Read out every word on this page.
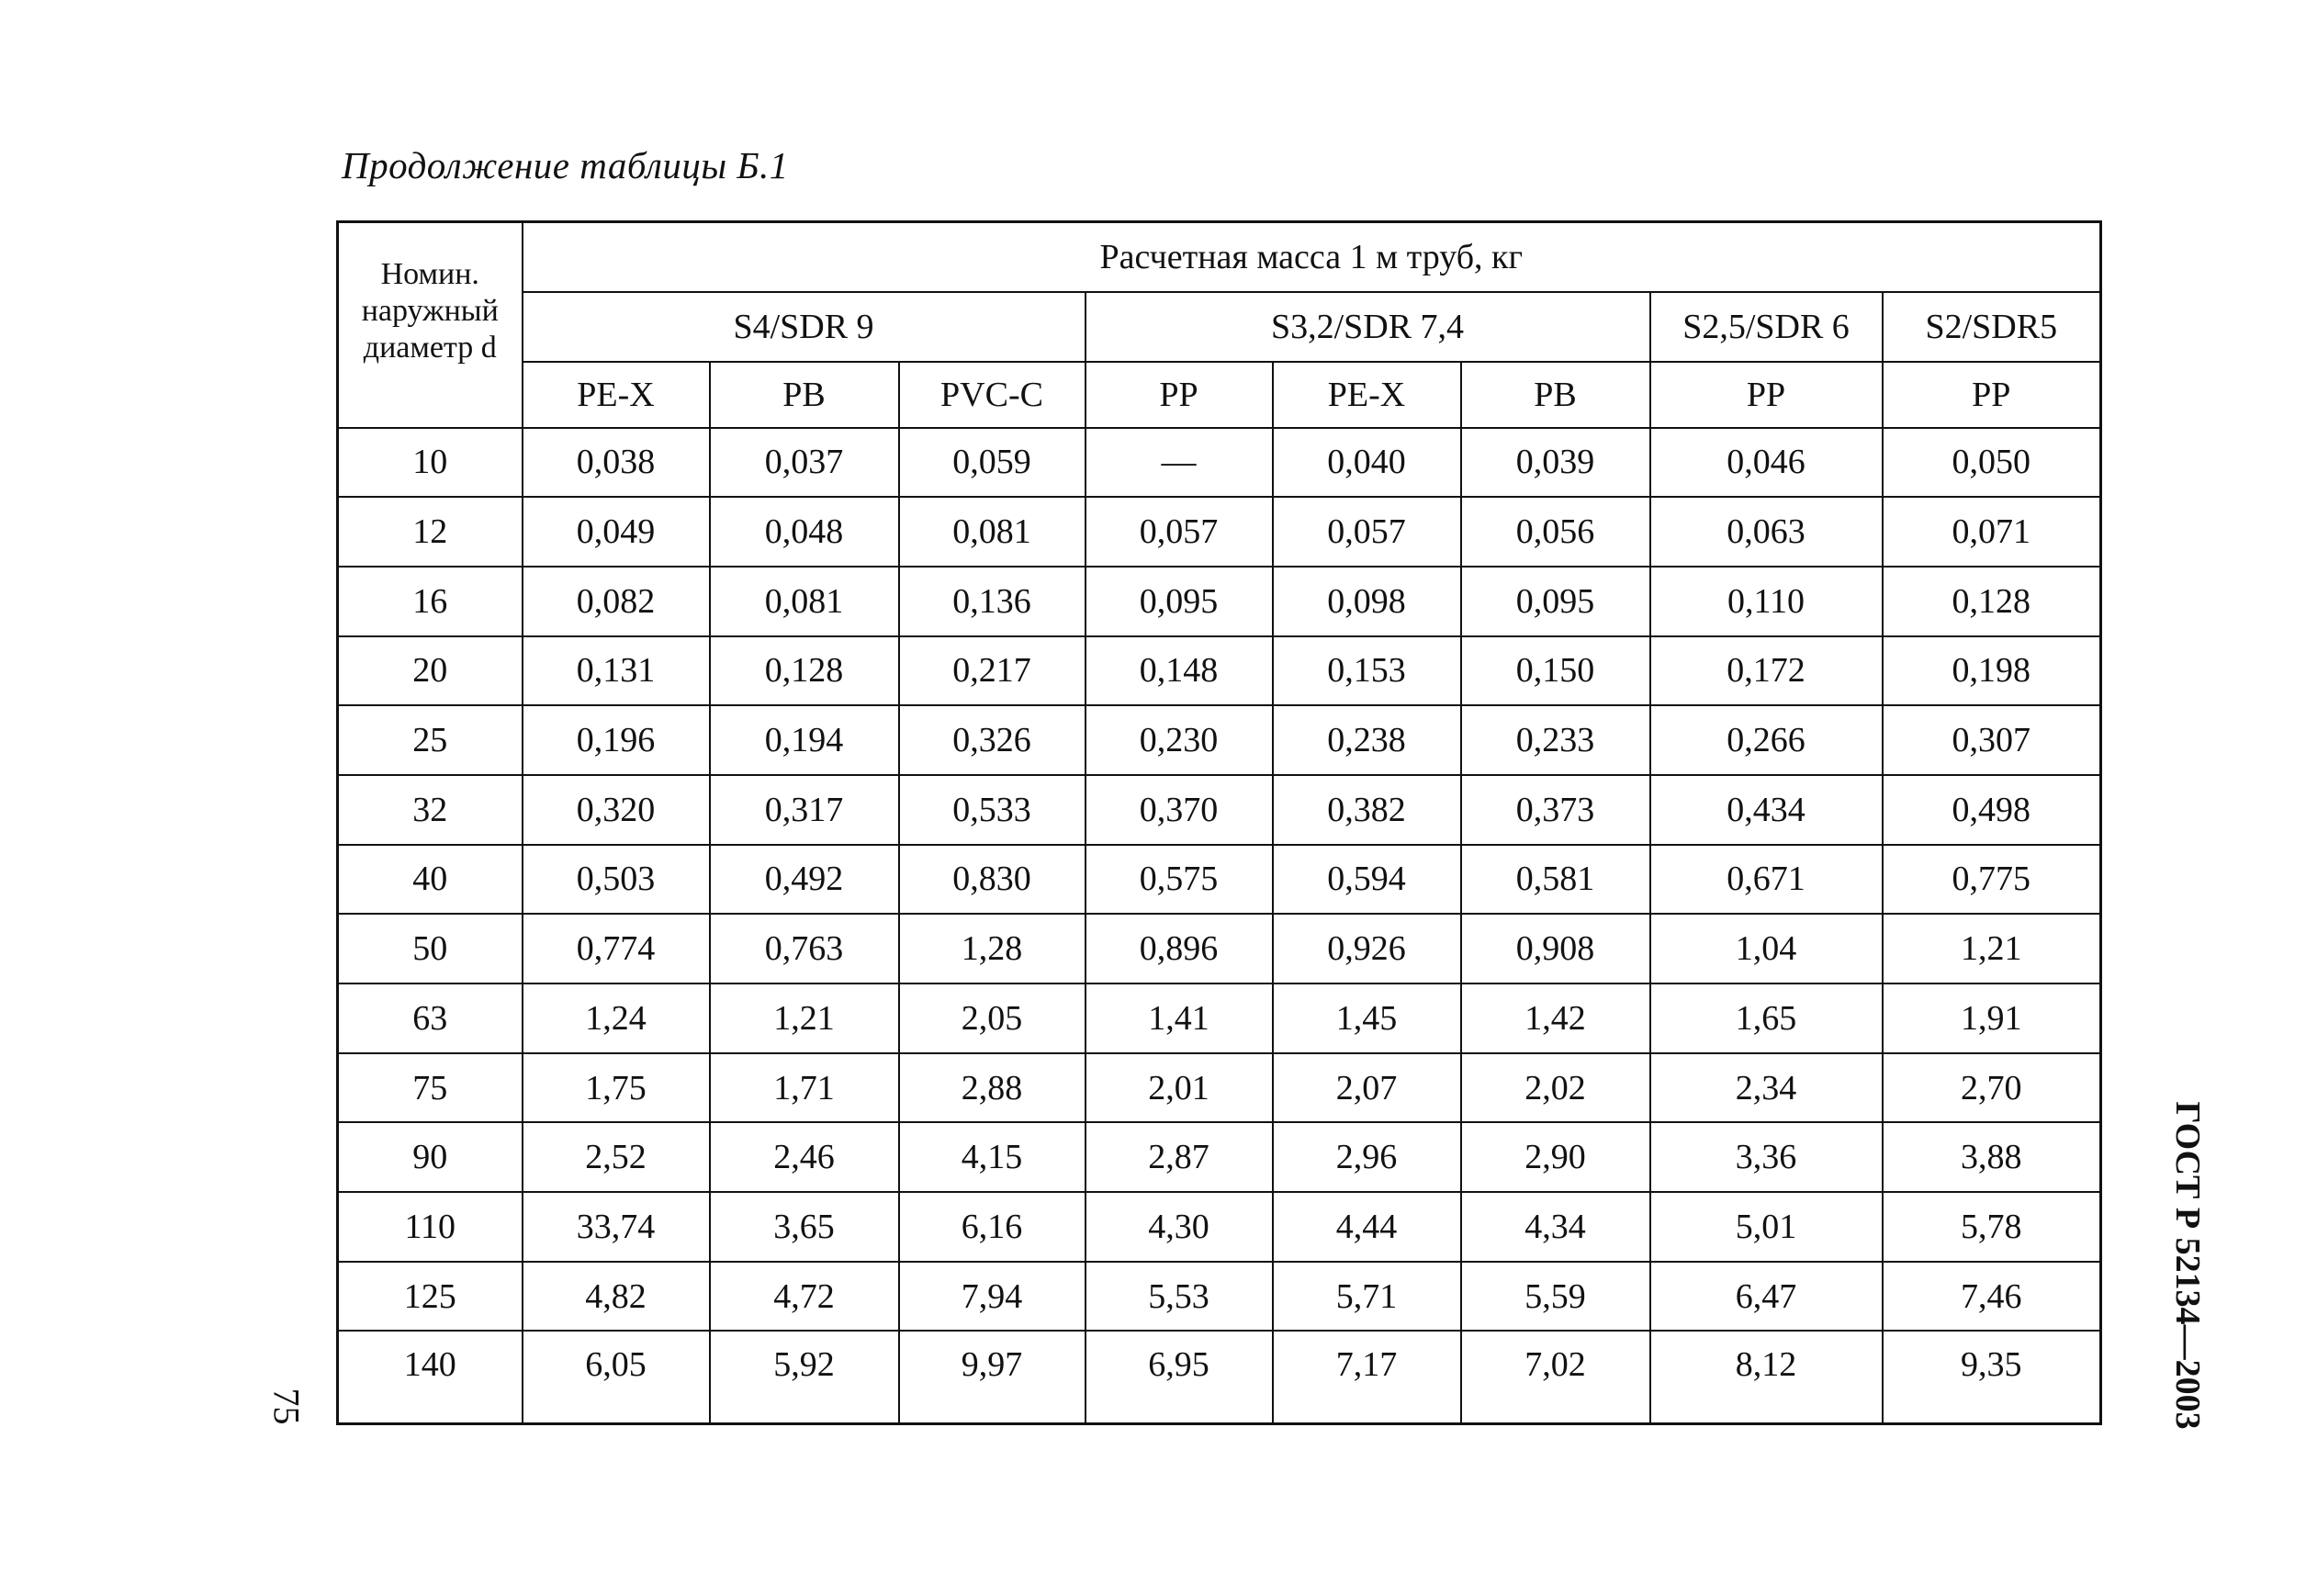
Продолжение таблицы Б.1
Номин.
наружный
диаметр d	Расчетная масса 1 м труб, кг							
	S4/SDR 9			S3,2/SDR 7,4			S2,5/SDR 6	S2/SDR5
	PE-X	PB	PVC-C	PP	PE-X	PB	PP	PP
10	0,038	0,037	0,059	—	0,040	0,039	0,046	0,050
12	0,049	0,048	0,081	0,057	0,057	0,056	0,063	0,071
16	0,082	0,081	0,136	0,095	0,098	0,095	0,110	0,128
20	0,131	0,128	0,217	0,148	0,153	0,150	0,172	0,198
25	0,196	0,194	0,326	0,230	0,238	0,233	0,266	0,307
32	0,320	0,317	0,533	0,370	0,382	0,373	0,434	0,498
40	0,503	0,492	0,830	0,575	0,594	0,581	0,671	0,775
50	0,774	0,763	1,28	0,896	0,926	0,908	1,04	1,21
63	1,24	1,21	2,05	1,41	1,45	1,42	1,65	1,91
75	1,75	1,71	2,88	2,01	2,07	2,02	2,34	2,70
90	2,52	2,46	4,15	2,87	2,96	2,90	3,36	3,88
110	33,74	3,65	6,16	4,30	4,44	4,34	5,01	5,78
125	4,82	4,72	7,94	5,53	5,71	5,59	6,47	7,46
140	6,05	5,92	9,97	6,95	7,17	7,02	8,12	9,35
75	ГОСТ Р 52134—2003
